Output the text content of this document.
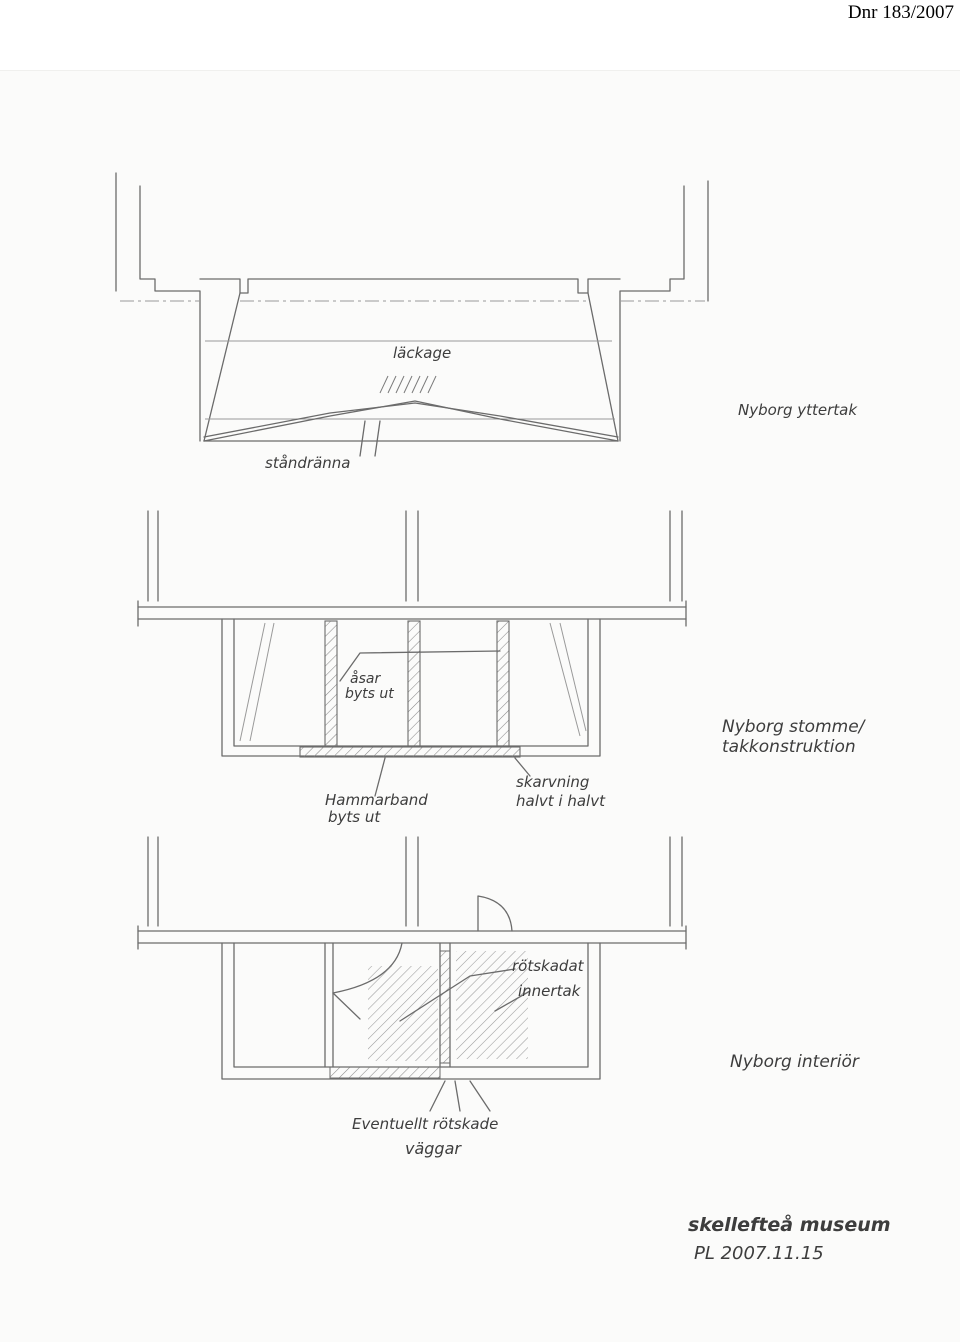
Dnr 183/2007
läckage
ståndränna
Nyborg yttertak
åsar
byts ut
Hammarband
byts ut
skarvning
halvt i halvt
Nyborg stomme/
takkonstruktion
rötskadat
innertak
Eventuellt rötskade
väggar
Nyborg interiör
skellefteå museum
PL 2007.11.15
